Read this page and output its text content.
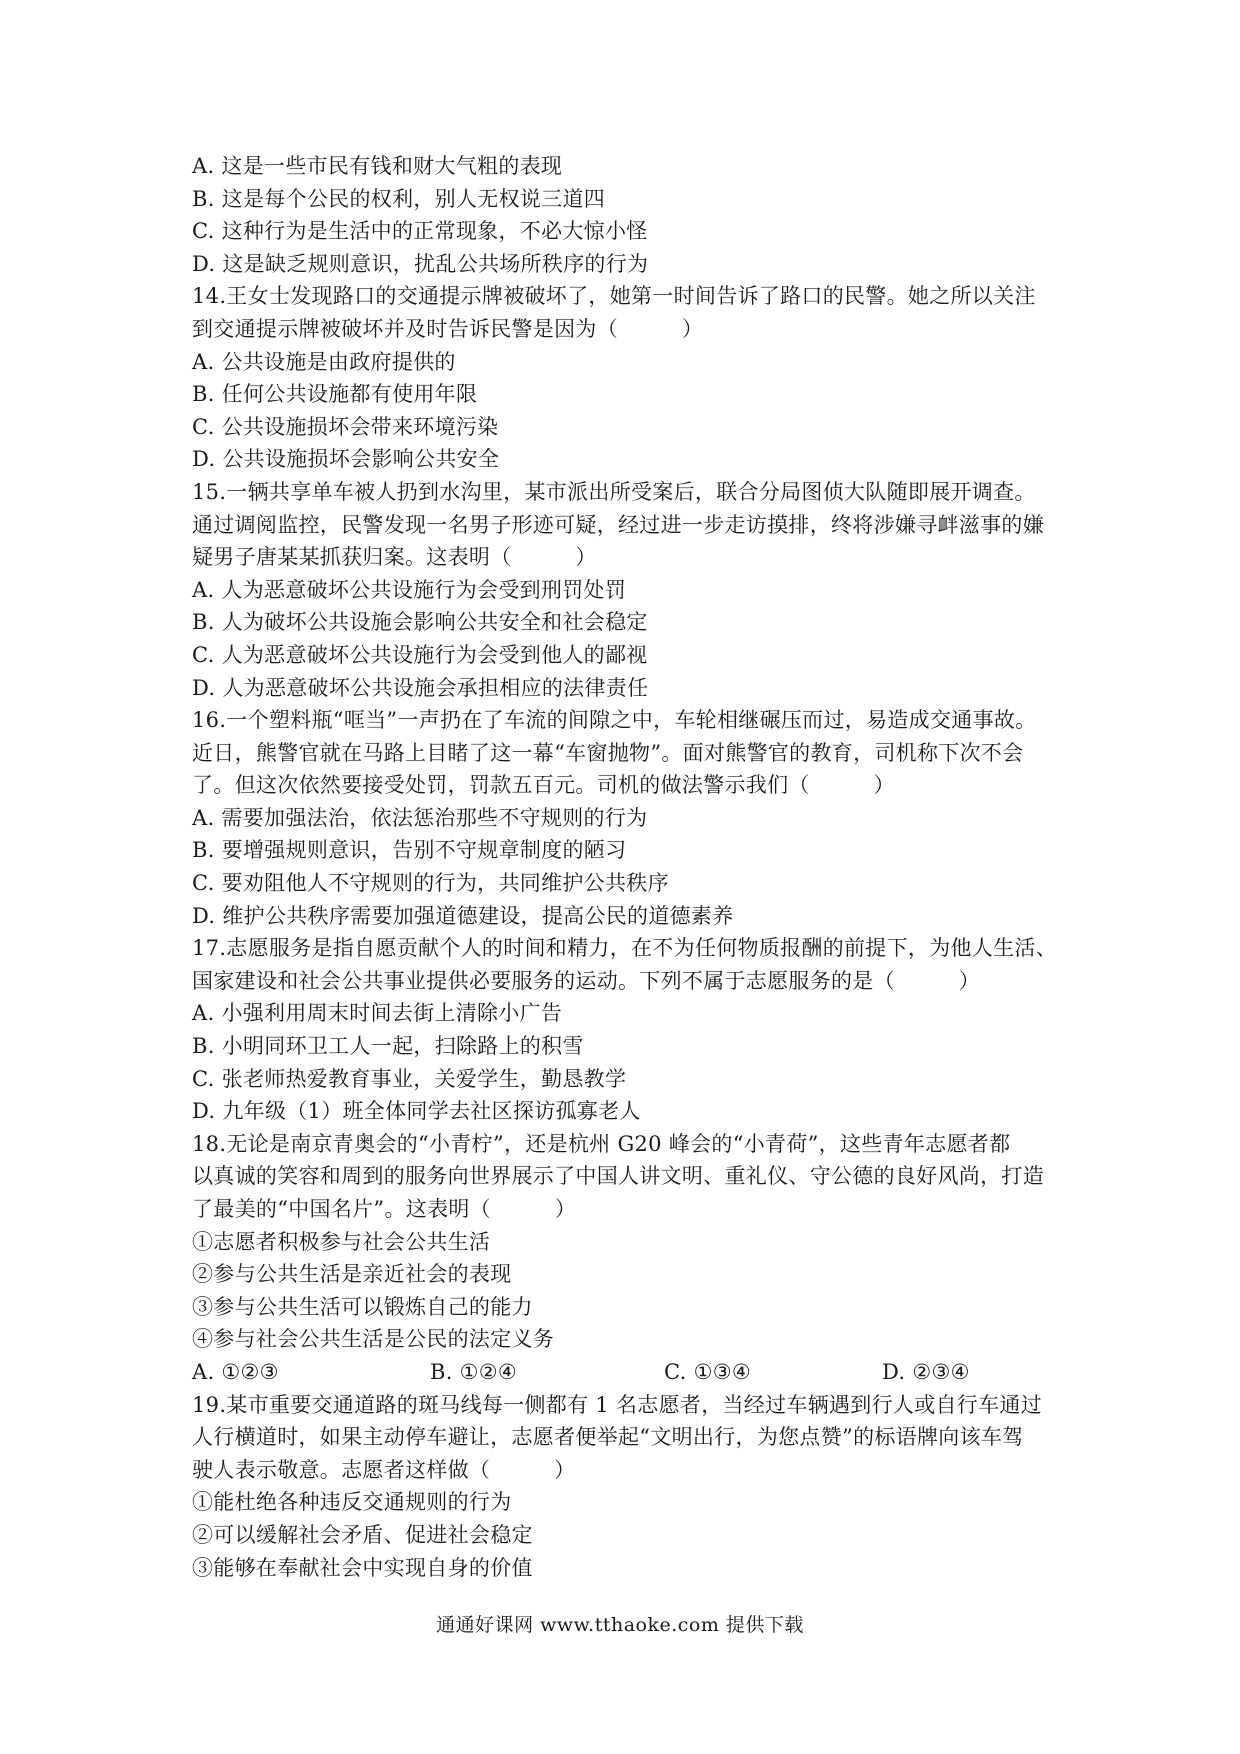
A. 这是一些市民有钱和财大气粗的表现
B. 这是每个公民的权利，别人无权说三道四
C. 这种行为是生活中的正常现象，不必大惊小怪
D. 这是缺乏规则意识，扰乱公共场所秩序的行为
14.王女士发现路口的交通提示牌被破坏了，她第一时间告诉了路口的民警。她之所以关注
到交通提示牌被破坏并及时告诉民警是因为（　　　）
A. 公共设施是由政府提供的
B. 任何公共设施都有使用年限
C. 公共设施损坏会带来环境污染
D. 公共设施损坏会影响公共安全
15.一辆共享单车被人扔到水沟里，某市派出所受案后，联合分局图侦大队随即展开调查。
通过调阅监控，民警发现一名男子形迹可疑，经过进一步走访摸排，终将涉嫌寻衅滋事的嫌
疑男子唐某某抓获归案。这表明（　　　）
A. 人为恶意破坏公共设施行为会受到刑罚处罚
B. 人为破坏公共设施会影响公共安全和社会稳定
C. 人为恶意破坏公共设施行为会受到他人的鄙视
D. 人为恶意破坏公共设施会承担相应的法律责任
16.一个塑料瓶“哐当”一声扔在了车流的间隙之中，车轮相继碾压而过，易造成交通事故。
近日，熊警官就在马路上目睹了这一幕“车窗抛物”。面对熊警官的教育，司机称下次不会
了。但这次依然要接受处罚，罚款五百元。司机的做法警示我们（　　　）
A. 需要加强法治，依法惩治那些不守规则的行为
B. 要增强规则意识，告别不守规章制度的陋习
C. 要劝阻他人不守规则的行为，共同维护公共秩序
D. 维护公共秩序需要加强道德建设，提高公民的道德素养
17.志愿服务是指自愿贡献个人的时间和精力，在不为任何物质报酬的前提下，为他人生活、
国家建设和社会公共事业提供必要服务的运动。下列不属于志愿服务的是（　　　）
A. 小强利用周末时间去街上清除小广告
B. 小明同环卫工人一起，扫除路上的积雪
C. 张老师热爱教育事业，关爱学生，勤恳教学
D. 九年级（1）班全体同学去社区探访孤寡老人
18.无论是南京青奥会的“小青柠”，还是杭州 G20 峰会的“小青荷”，这些青年志愿者都
以真诚的笑容和周到的服务向世界展示了中国人讲文明、重礼仪、守公德的良好风尚，打造
了最美的“中国名片”。这表明（　　　）
①志愿者积极参与社会公共生活
②参与公共生活是亲近社会的表现
③参与公共生活可以锻炼自己的能力
④参与社会公共生活是公民的法定义务
A. ①②③	B. ①②④	C. ①③④	D. ②③④
19.某市重要交通道路的斑马线每一侧都有 1 名志愿者，当经过车辆遇到行人或自行车通过
人行横道时，如果主动停车避让，志愿者便举起“文明出行，为您点赞”的标语牌向该车驾
驶人表示敬意。志愿者这样做（　　　）
①能杜绝各种违反交通规则的行为
②可以缓解社会矛盾、促进社会稳定
③能够在奉献社会中实现自身的价值
通通好课网 www.tthaoke.com 提供下载
